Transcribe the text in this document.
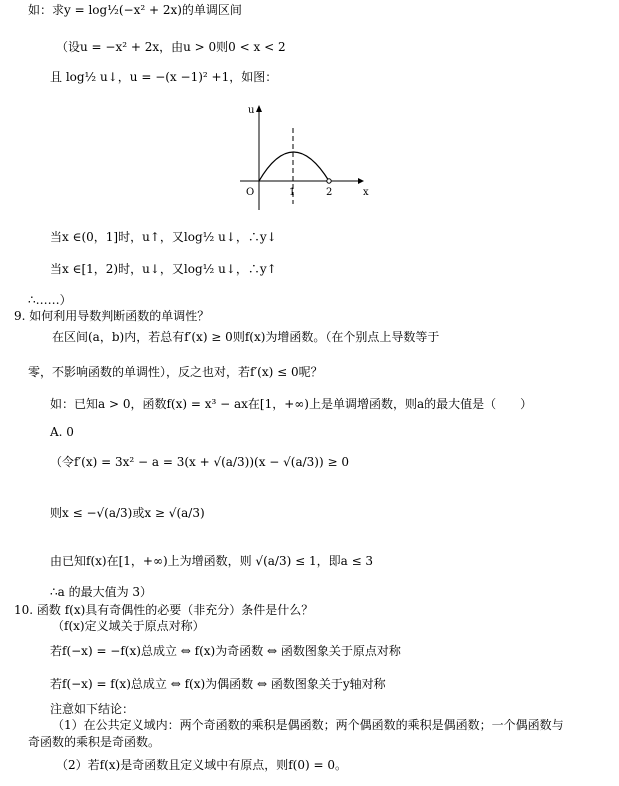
如：求y = log½(−x² + 2x)的单调区间
（设u = −x² + 2x，由u > 0则0 < x < 2
且 log½ u↓，u = −(x −1)² +1，如图：
u
O	1	2	x
当x ∈(0，1]时，u↑，又log½ u↓，∴y↓
当x ∈[1，2)时，u↓，又log½ u↓，∴y↑
∴……）
9. 如何利用导数判断函数的单调性？
在区间(a，b)内，若总有f′(x) ≥ 0则f(x)为增函数。（在个别点上导数等于
零，不影响函数的单调性），反之也对，若f′(x) ≤ 0呢？
如：已知a > 0，函数f(x) = x³ − ax在[1，+∞)上是单调增函数，则a的最大值是（　　）
A. 0
（令f′(x) = 3x² − a = 3(x + √(a/3))(x − √(a/3)) ≥ 0
则x ≤ −√(a/3)或x ≥ √(a/3)
由已知f(x)在[1，+∞)上为增函数，则 √(a/3) ≤ 1，即a ≤ 3
∴a 的最大值为 3）
10. 函数 f(x)具有奇偶性的必要（非充分）条件是什么？
（f(x)定义域关于原点对称）
若f(−x) = −f(x)总成立 ⇔ f(x)为奇函数 ⇔ 函数图象关于原点对称
若f(−x) = f(x)总成立 ⇔ f(x)为偶函数 ⇔ 函数图象关于y轴对称
注意如下结论：
（1）在公共定义域内：两个奇函数的乘积是偶函数；两个偶函数的乘积是偶函数；一个偶函数与
奇函数的乘积是奇函数。
（2）若f(x)是奇函数且定义域中有原点，则f(0) = 0。
